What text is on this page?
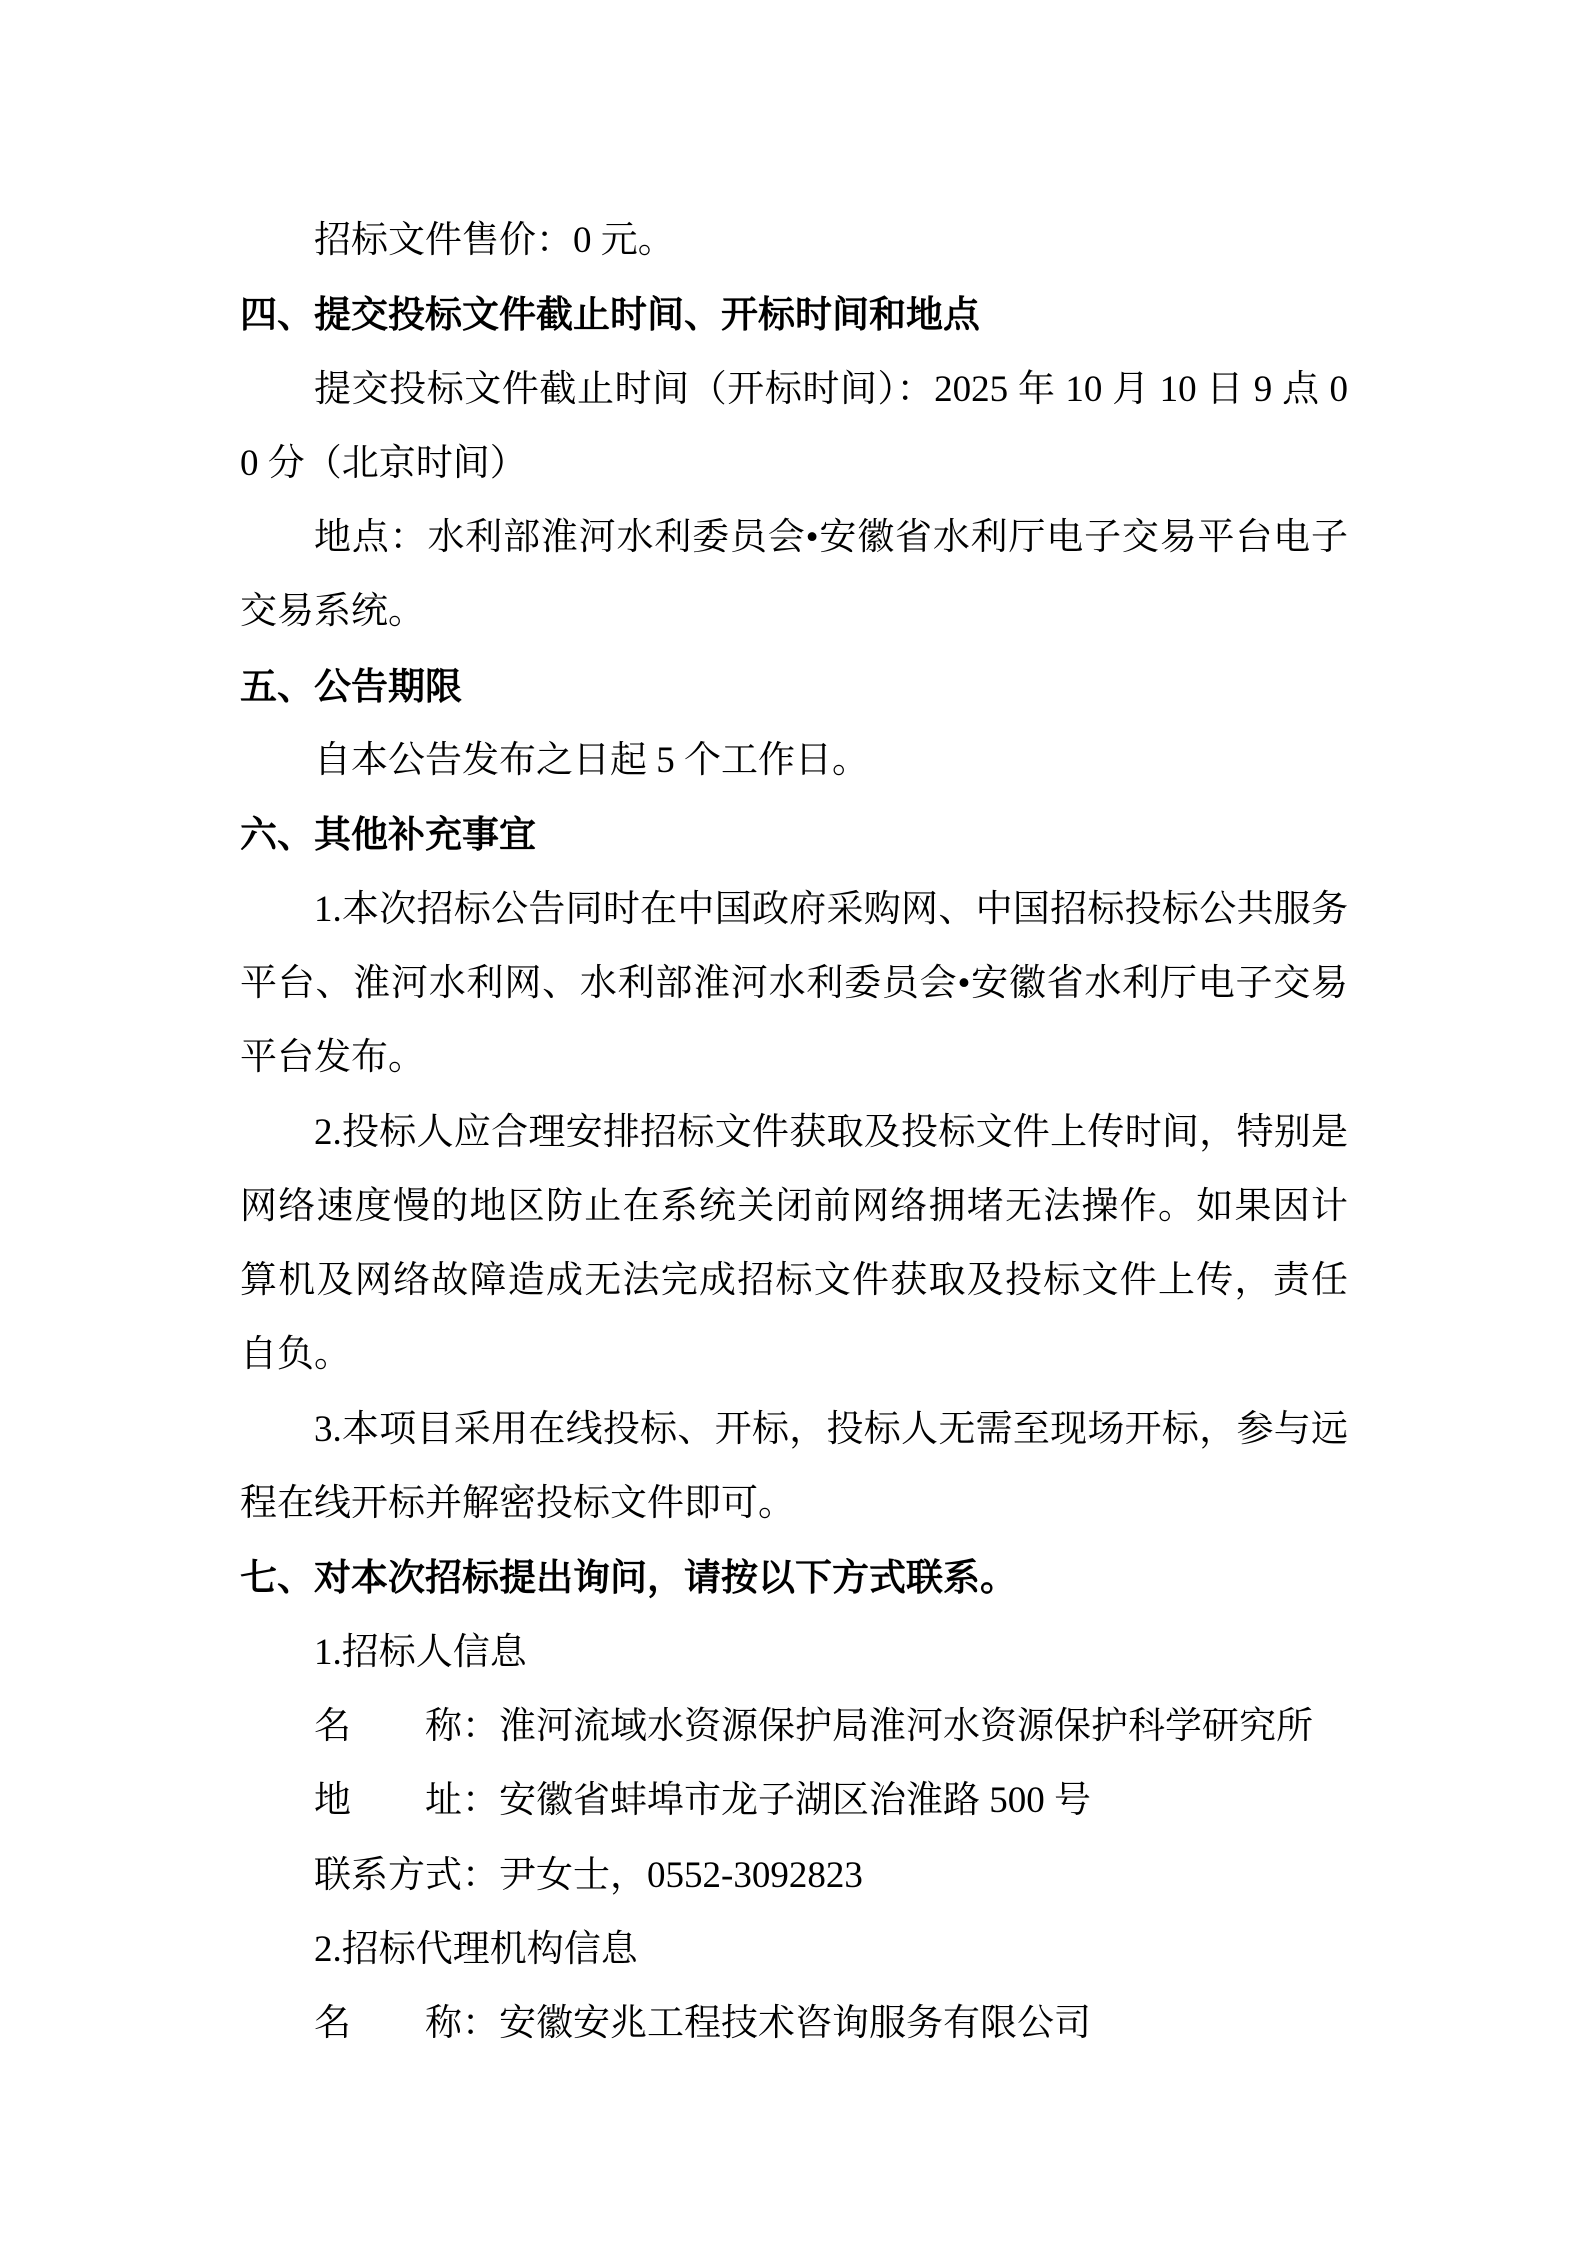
招标文件售价：0 元。

四、提交投标文件截止时间、开标时间和地点

提交投标文件截止时间（开标时间）：2025 年 10 月 10 日 9 点 00 分（北京时间）

地点：水利部淮河水利委员会•安徽省水利厅电子交易平台电子交易系统。

五、公告期限

自本公告发布之日起 5 个工作日。

六、其他补充事宜

1.本次招标公告同时在中国政府采购网、中国招标投标公共服务平台、淮河水利网、水利部淮河水利委员会•安徽省水利厅电子交易平台发布。

2.投标人应合理安排招标文件获取及投标文件上传时间，特别是网络速度慢的地区防止在系统关闭前网络拥堵无法操作。如果因计算机及网络故障造成无法完成招标文件获取及投标文件上传，责任自负。

3.本项目采用在线投标、开标，投标人无需至现场开标，参与远程在线开标并解密投标文件即可。

七、对本次招标提出询问，请按以下方式联系。

1.招标人信息

名　　称：淮河流域水资源保护局淮河水资源保护科学研究所

地　　址：安徽省蚌埠市龙子湖区治淮路 500 号

联系方式：尹女士，0552-3092823

2.招标代理机构信息

名　　称：安徽安兆工程技术咨询服务有限公司
